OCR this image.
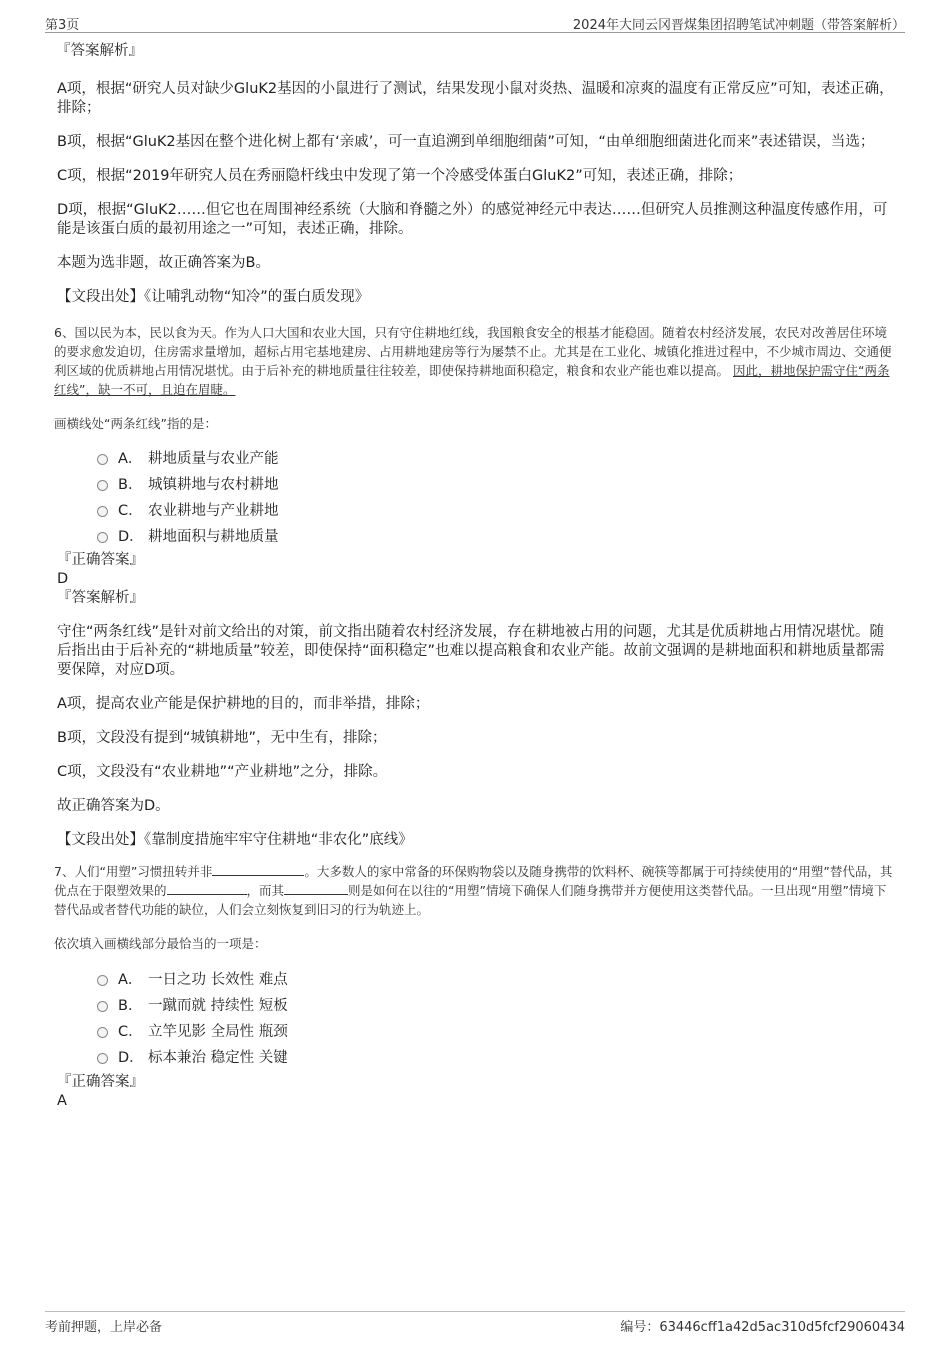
第3页	2024年大同云冈晋煤集团招聘笔试冲刺题（带答案解析）

『答案解析』

A项，根据“研究人员对缺少GluK2基因的小鼠进行了测试，结果发现小鼠对炎热、温暖和凉爽的温度有正常反应”可知，表述正确，排除；

B项，根据“GluK2基因在整个进化树上都有‘亲戚’，可一直追溯到单细胞细菌”可知，“由单细胞细菌进化而来”表述错误，当选；

C项，根据“2019年研究人员在秀丽隐杆线虫中发现了第一个冷感受体蛋白GluK2”可知，表述正确，排除；

D项，根据“GluK2……但它也在周围神经系统（大脑和脊髓之外）的感觉神经元中表达……但研究人员推测这种温度传感作用，可能是该蛋白质的最初用途之一”可知，表述正确，排除。

本题为选非题，故正确答案为B。

【文段出处】《让哺乳动物“知冷”的蛋白质发现》

6、国以民为本，民以食为天。作为人口大国和农业大国，只有守住耕地红线，我国粮食安全的根基才能稳固。随着农村经济发展，农民对改善居住环境的要求愈发迫切，住房需求量增加，超标占用宅基地建房、占用耕地建房等行为屡禁不止。尤其是在工业化、城镇化推进过程中，不少城市周边、交通便利区域的优质耕地占用情况堪忧。由于后补充的耕地质量往往较差，即使保持耕地面积稳定，粮食和农业产能也难以提高。 因此，耕地保护需守住“两条红线”，缺一不可，且迫在眉睫。

画横线处“两条红线”指的是：

A． 耕地质量与农业产能
B． 城镇耕地与农村耕地
C． 农业耕地与产业耕地
D． 耕地面积与耕地质量

『正确答案』

D

『答案解析』

守住“两条红线”是针对前文给出的对策，前文指出随着农村经济发展，存在耕地被占用的问题，尤其是优质耕地占用情况堪忧。随后指出由于后补充的“耕地质量”较差，即使保持“面积稳定”也难以提高粮食和农业产能。故前文强调的是耕地面积和耕地质量都需要保障，对应D项。

A项，提高农业产能是保护耕地的目的，而非举措，排除；

B项，文段没有提到“城镇耕地”，无中生有，排除；

C项，文段没有“农业耕地”“产业耕地”之分，排除。

故正确答案为D。

【文段出处】《靠制度措施牢牢守住耕地“非农化”底线》

7、人们“用塑”习惯扭转并非	。大多数人的家中常备的环保购物袋以及随身携带的饮料杯、碗筷等都属于可持续使用的“用塑”替代品，其优点在于限塑效果的	，而其	则是如何在以往的“用塑”情境下确保人们随身携带并方便使用这类替代品。一旦出现“用塑”情境下替代品或者替代功能的缺位，人们会立刻恢复到旧习的行为轨迹上。

依次填入画横线部分最恰当的一项是：

A． 一日之功 长效性 难点
B． 一蹴而就 持续性 短板
C． 立竿见影 全局性 瓶颈
D． 标本兼治 稳定性 关键

『正确答案』

A

考前押题，上岸必备	编号：63446cff1a42d5ac310d5fcf29060434
